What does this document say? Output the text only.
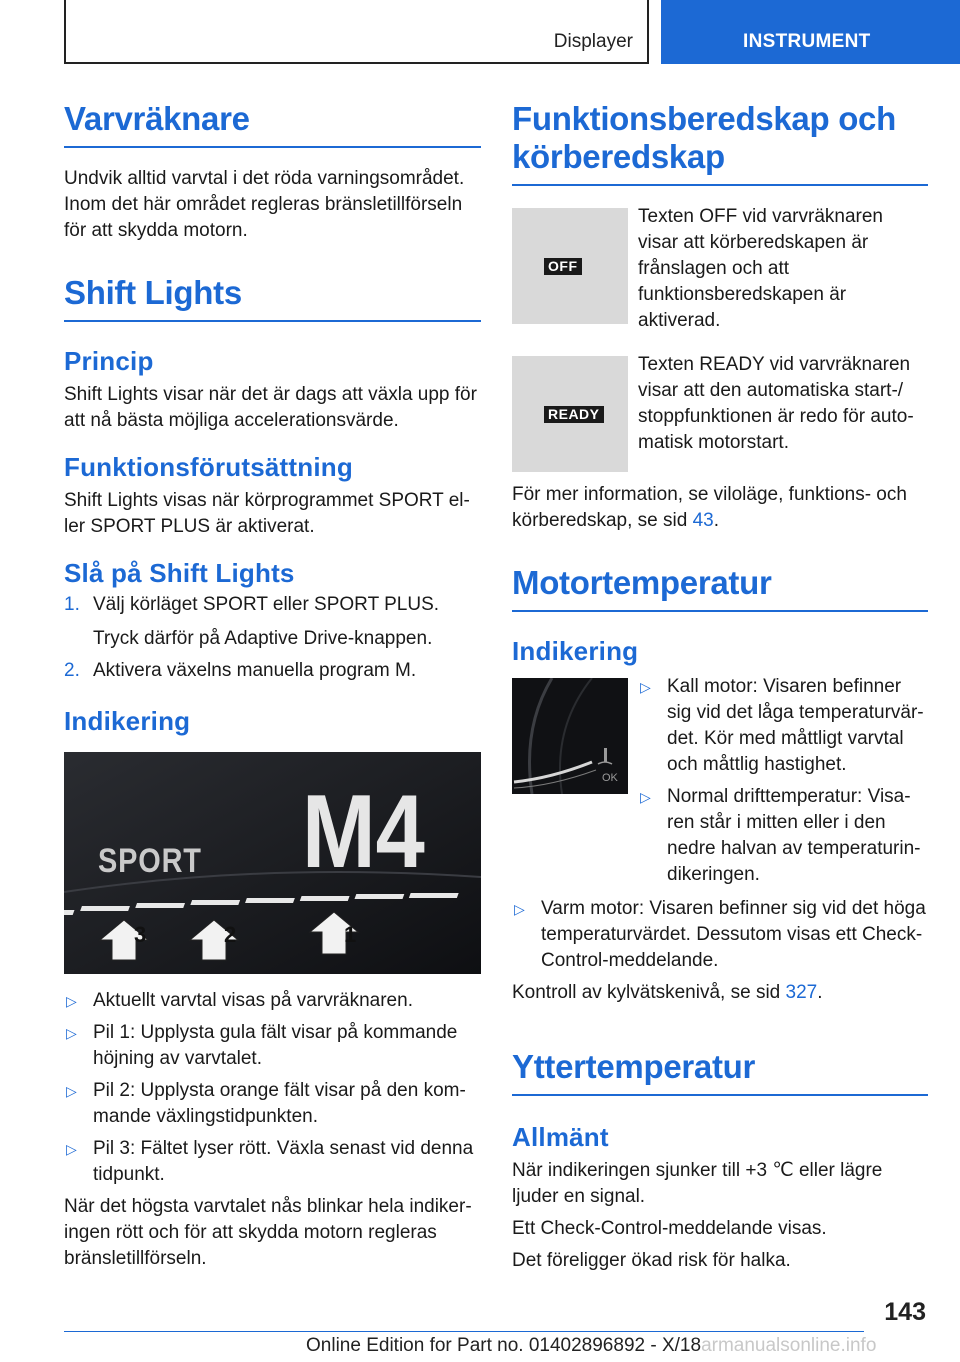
Displayer	INSTRUMENT
Varvräknare

Undvik alltid varvtal i det röda varningsområdet. Inom det här området regleras bränsletillförseln för att skydda motorn.

Shift Lights
Princip

Shift Lights visar när det är dags att växla upp för att nå bästa möjliga accelerationsvärde.

Funktionsförutsättning

Shift Lights visas när körprogrammet SPORT el-ler SPORT PLUS är aktiverat.

Slå på Shift Lights
1. Välj körläget SPORT eller SPORT PLUS.
Tryck därför på Adaptive Drive-knappen.
2. Aktivera växelns manuella program M.
Indikering
SPORT M4
3	2	1
▷ Aktuellt varvtal visas på varvräknaren.
▷ Pil 1: Upplysta gula fält visar på kommande höjning av varvtalet.
▷ Pil 2: Upplysta orange fält visar på den kom-mande växlingstidpunkten.
▷ Pil 3: Fältet lyser rött. Växla senast vid denna tidpunkt.

När det högsta varvtalet nås blinkar hela indiker-ingen rött och för att skydda motorn regleras bränsletillförseln.

Funktionsberedskap och körberedskap
OFF
Texten OFF vid varvräknaren visar att körberedskapen är frånslagen och att funktionsberedskapen är aktiverad.
READY
Texten READY vid varvräknaren visar att den automatiska start-/ stoppfunktionen är redo för auto-matisk motorstart.

För mer information, se viloläge, funktions- och körberedskap, se sid 43.

Motortemperatur
Indikering
OK
▷ Kall motor: Visaren befinner sig vid det låga temperaturvär-det. Kör med måttligt varvtal och måttlig hastighet.
▷ Normal drifttemperatur: Visa-ren står i mitten eller i den nedre halvan av temperaturin-dikeringen.
▷ Varm motor: Visaren befinner sig vid det höga temperaturvärdet. Dessutom visas ett Check-Control-meddelande.

Kontroll av kylvätskenivå, se sid 327.

Yttertemperatur
Allmänt

När indikeringen sjunker till +3 ℃ eller lägre ljuder en signal.

Ett Check-Control-meddelande visas.

Det föreligger ökad risk för halka.

143
Online Edition for Part no. 01402896892 - X/18armanualsonline.info
